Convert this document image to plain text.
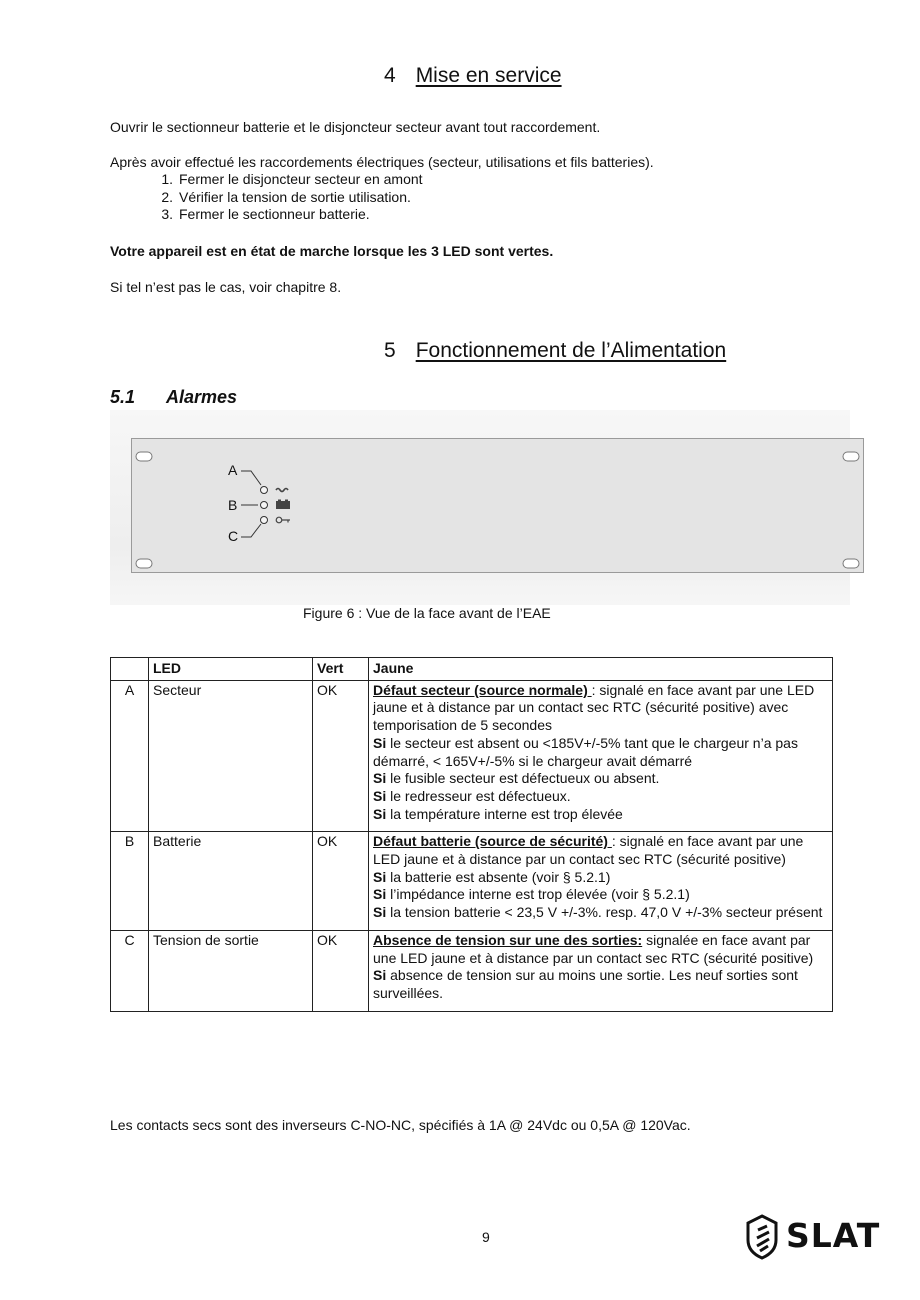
4 Mise en service
Ouvrir le sectionneur batterie et le disjoncteur secteur avant tout raccordement.
Après avoir effectué les raccordements électriques (secteur, utilisations et fils batteries).
1. Fermer le disjoncteur secteur en amont
2. Vérifier la tension de sortie utilisation.
3. Fermer le sectionneur batterie.
Votre appareil est en état de marche lorsque les 3 LED sont vertes.
Si tel n’est pas le cas, voir chapitre 8.
5 Fonctionnement de l’Alimentation
5.1 Alarmes
A
B
C
Figure 6 : Vue de la face avant de l’EAE
	LED	Vert	Jaune
A	Secteur	OK	Défaut secteur (source normale) : signalé en face avant par une LED jaune et à distance par un contact sec RTC (sécurité positive) avec temporisation de 5 secondes
Si le secteur est absent ou <185V+/-5% tant que le chargeur n’a pas démarré, < 165V+/-5% si le chargeur avait démarré
Si le fusible secteur est défectueux ou absent.
Si le redresseur est défectueux.
Si la température interne est trop élevée
B	Batterie	OK	Défaut batterie (source de sécurité) : signalé en face avant par une LED jaune et à distance par un contact sec RTC (sécurité positive)
Si la batterie est absente (voir § 5.2.1)
Si l’impédance interne est trop élevée (voir § 5.2.1)
Si la tension batterie < 23,5 V +/-3%. resp. 47,0 V +/-3% secteur présent
C	Tension de sortie	OK	Absence de tension sur une des sorties: signalée en face avant par une LED jaune et à distance par un contact sec RTC (sécurité positive)
Si absence de tension sur au moins une sortie. Les neuf sorties sont surveillées.
Les contacts secs sont des inverseurs C-NO-NC, spécifiés à 1A @ 24Vdc ou 0,5A @ 120Vac.
9	SLAT
